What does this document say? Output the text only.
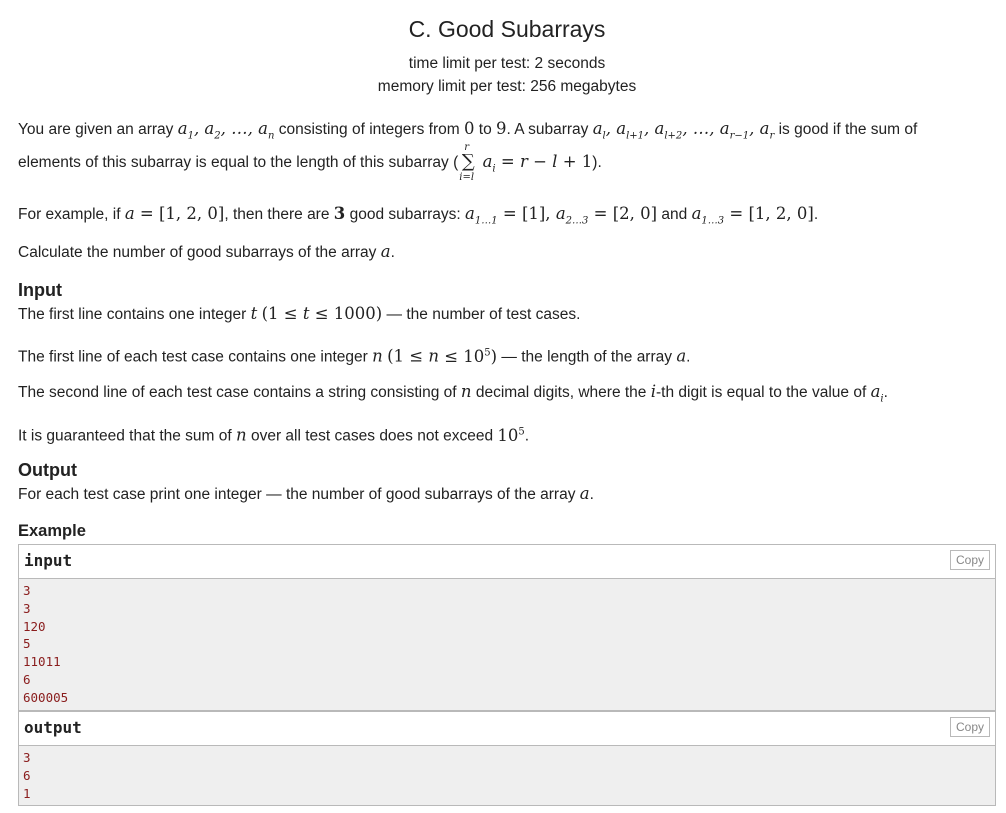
C. Good Subarrays
time limit per test: 2 seconds
memory limit per test: 256 megabytes
You are given an array $a_1$, $a_2$, …, $a_n$ consisting of integers from 0 to 9. A subarray $a_l$, $a_{l+1}$, $a_{l+2}$, …, $a_{r-1}$, $a_r$ is good if the sum of
elements of this subarray is equal to the length of this subarray ( ∑
r
i=l
$a_i = r - l + 1$).
For example, if a = [1, 2, 0], then there are 3 good subarrays: $a_{1\dots 1} = [1]$, $a_{2\dots 3} = [2$, 0] and $a_{1\dots 3} = [1$, 2, 0].
Calculate the number of good subarrays of the array a.
Input
The first line contains one integer t (1 ≤ t ≤ 1000) — the number of test cases.
The first line of each test case contains one integer n $(1 \le n \le 10^5)$ — the length of the array a.
The second line of each test case contains a string consisting of n decimal digits, where the i-th digit is equal to the value of $a_i$.
It is guaranteed that the sum of n over all test cases does not exceed $10^5$.
Output
For each test case print one integer — the number of good subarrays of the array a.
Example
input	Copy
3
3
120
5
11011
6
600005
output	Copy
3
6
1
